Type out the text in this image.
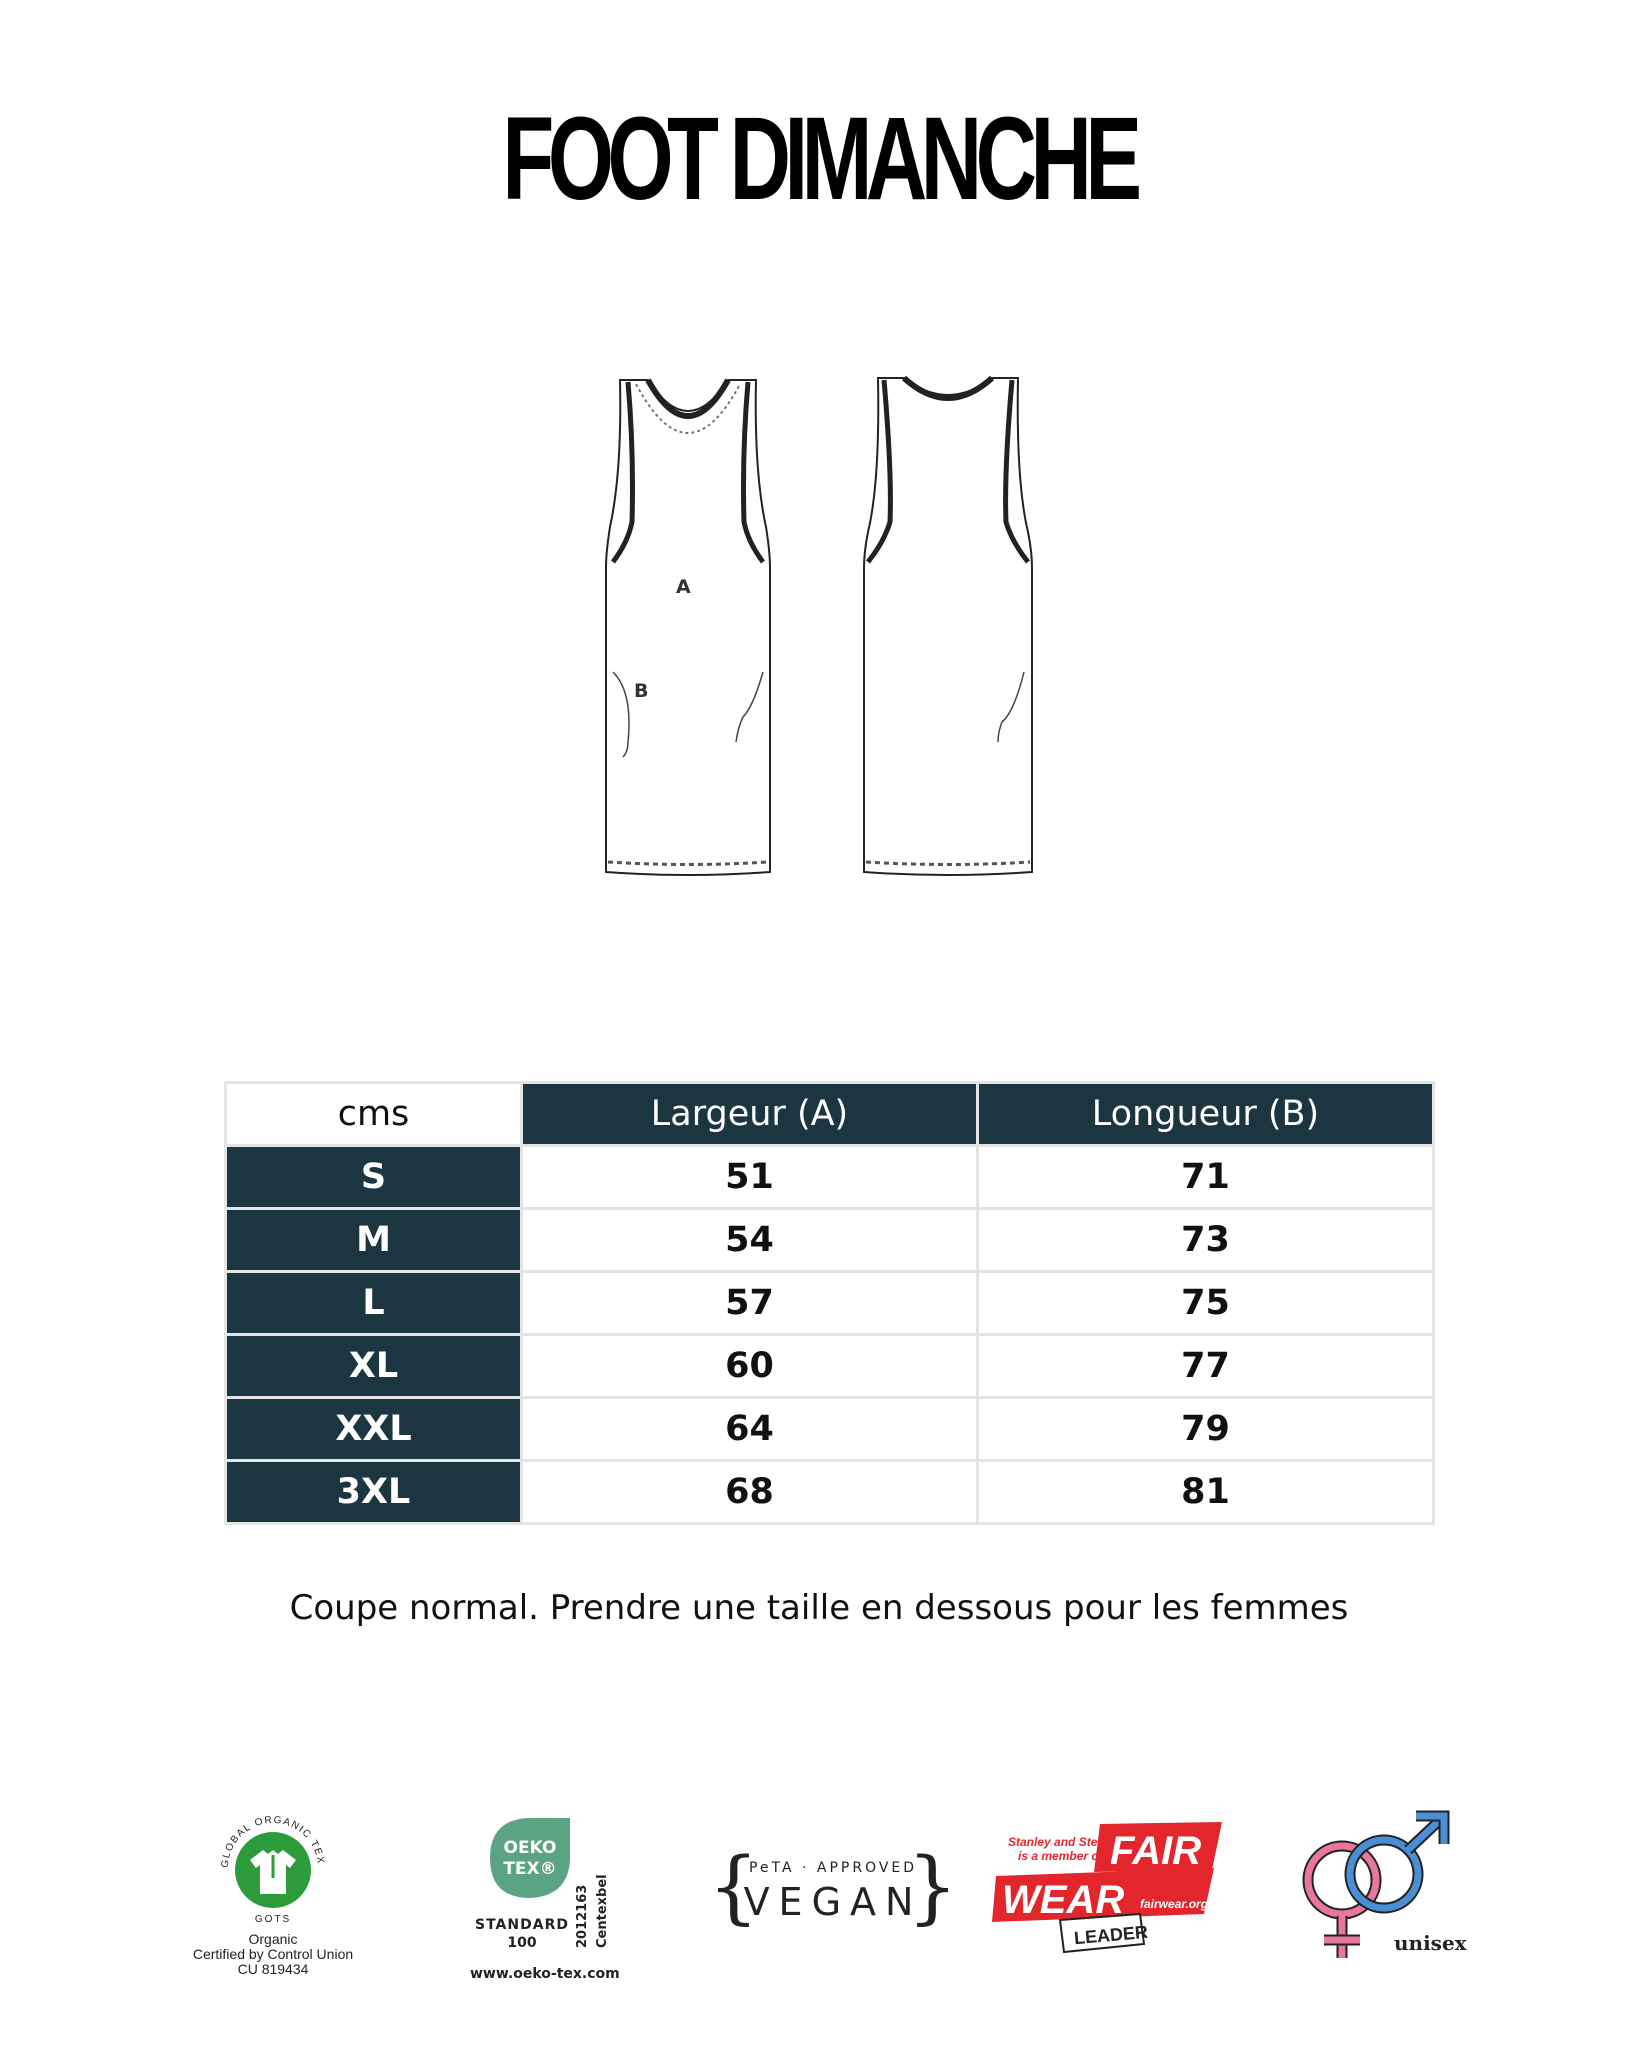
FOOT DIMANCHE
A
B
cms	Largeur (A)	Longueur (B)
S	51	71
M	54	73
L	57	75
XL	60	77
XXL	64	79
3XL	68	81
Coupe normal. Prendre une taille en dessous pour les femmes
GLOBAL ORGANIC TEX
GOTS
Organic
Certified by Control Union
CU 819434
OEKO
TEX®
STANDARD
100	2012163 Centexbel
www.oeko-tex.com
{ }
PeTA · APPROVED
VEGAN
Stanley and Stella
is a member of FAIR
WEAR fairwear.org
LEADER	unisex
